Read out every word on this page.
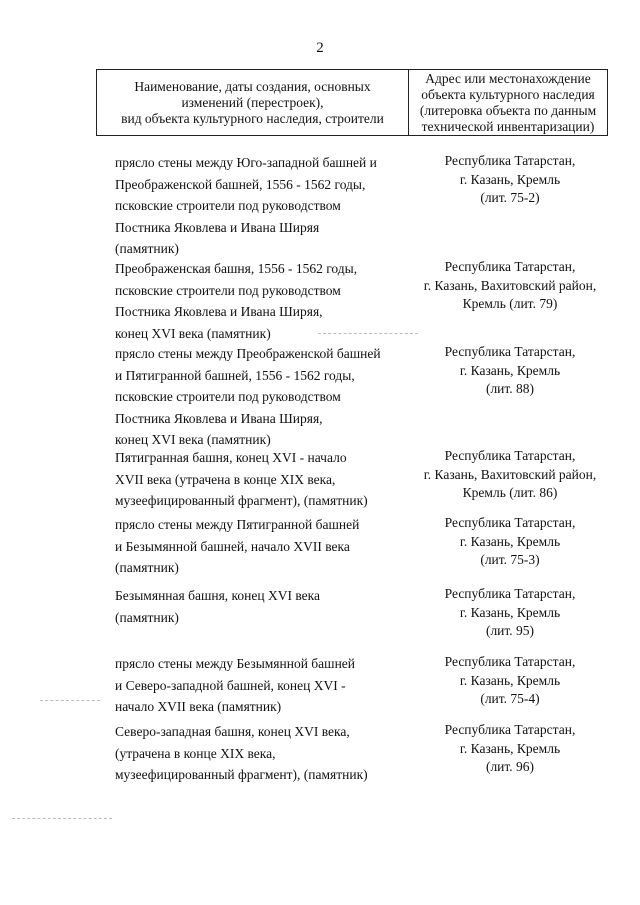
2
Наименование, даты создания, основных
изменений (перестроек),
вид объекта культурного наследия, строители
Адрес или местонахождение
объекта культурного наследия
(литеровка объекта по данным
технической инвентаризации)
прясло стены между Юго-западной башней и
Преображенской башней, 1556 - 1562 годы,
псковские строители под руководством
Постника Яковлева и Ивана Ширяя
(памятник)
Республика Татарстан,
г. Казань, Кремль
(лит. 75-2)
Преображенская башня, 1556 - 1562 годы,
псковские строители под руководством
Постника Яковлева и Ивана Ширяя,
конец XVI века (памятник)
Республика Татарстан,
г. Казань, Вахитовский район,
Кремль (лит. 79)
прясло стены между Преображенской башней
и Пятигранной башней, 1556 - 1562 годы,
псковские строители под руководством
Постника Яковлева и Ивана Ширяя,
конец XVI века (памятник)
Республика Татарстан,
г. Казань, Кремль
(лит. 88)
Пятигранная башня, конец XVI - начало
XVII века (утрачена в конце XIX века,
музеефицированный фрагмент), (памятник)
Республика Татарстан,
г. Казань, Вахитовский район,
Кремль (лит. 86)
прясло стены между Пятигранной башней
и Безымянной башней, начало XVII века
(памятник)
Республика Татарстан,
г. Казань, Кремль
(лит. 75-3)
Безымянная башня, конец XVI века
(памятник)
Республика Татарстан,
г. Казань, Кремль
(лит. 95)
прясло стены между Безымянной башней
и Северо-западной башней, конец XVI -
начало XVII века (памятник)
Республика Татарстан,
г. Казань, Кремль
(лит. 75-4)
Северо-западная башня, конец XVI века,
(утрачена в конце XIX века,
музеефицированный фрагмент), (памятник)
Республика Татарстан,
г. Казань, Кремль
(лит. 96)
